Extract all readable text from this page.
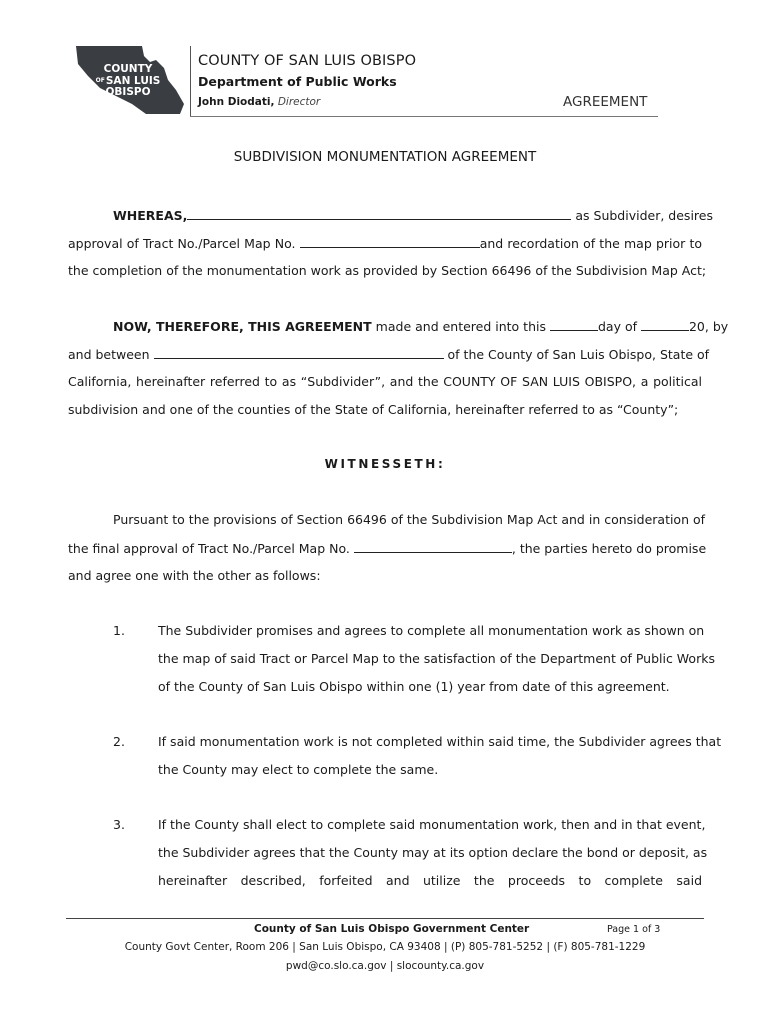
COUNTY
OFSAN LUIS
OBISPO
COUNTY OF SAN LUIS OBISPO
Department of Public Works
John Diodati, Director	AGREEMENT
SUBDIVISION MONUMENTATION AGREEMENT
WHEREAS,	as Subdivider, desires
approval of Tract No./Parcel Map No.	and recordation of the map prior to
the completion of the monumentation work as provided by Section 66496 of the Subdivision Map Act;
NOW, THEREFORE, THIS AGREEMENT made and entered into this	day of	20, by
and between	of the County of San Luis Obispo, State of
California, hereinafter referred to as “Subdivider”, and the COUNTY OF SAN LUIS OBISPO, a political
subdivision and one of the counties of the State of California, hereinafter referred to as “County”;
WITNESSETH:
Pursuant to the provisions of Section 66496 of the Subdivision Map Act and in consideration of
the final approval of Tract No./Parcel Map No.	, the parties hereto do promise
and agree one with the other as follows:
1.	The Subdivider promises and agrees to complete all monumentation work as shown on
the map of said Tract or Parcel Map to the satisfaction of the Department of Public Works
of the County of San Luis Obispo within one (1) year from date of this agreement.
2.	If said monumentation work is not completed within said time, the Subdivider agrees that
the County may elect to complete the same.
3.	If the County shall elect to complete said monumentation work, then and in that event,
the Subdivider agrees that the County may at its option declare the bond or deposit, as
hereinafter described, forfeited and utilize the proceeds to complete said
County of San Luis Obispo Government Center	Page 1 of 3
County Govt Center, Room 206 | San Luis Obispo, CA 93408 | (P) 805-781-5252 | (F) 805-781-1229
pwd@co.slo.ca.gov | slocounty.ca.gov
